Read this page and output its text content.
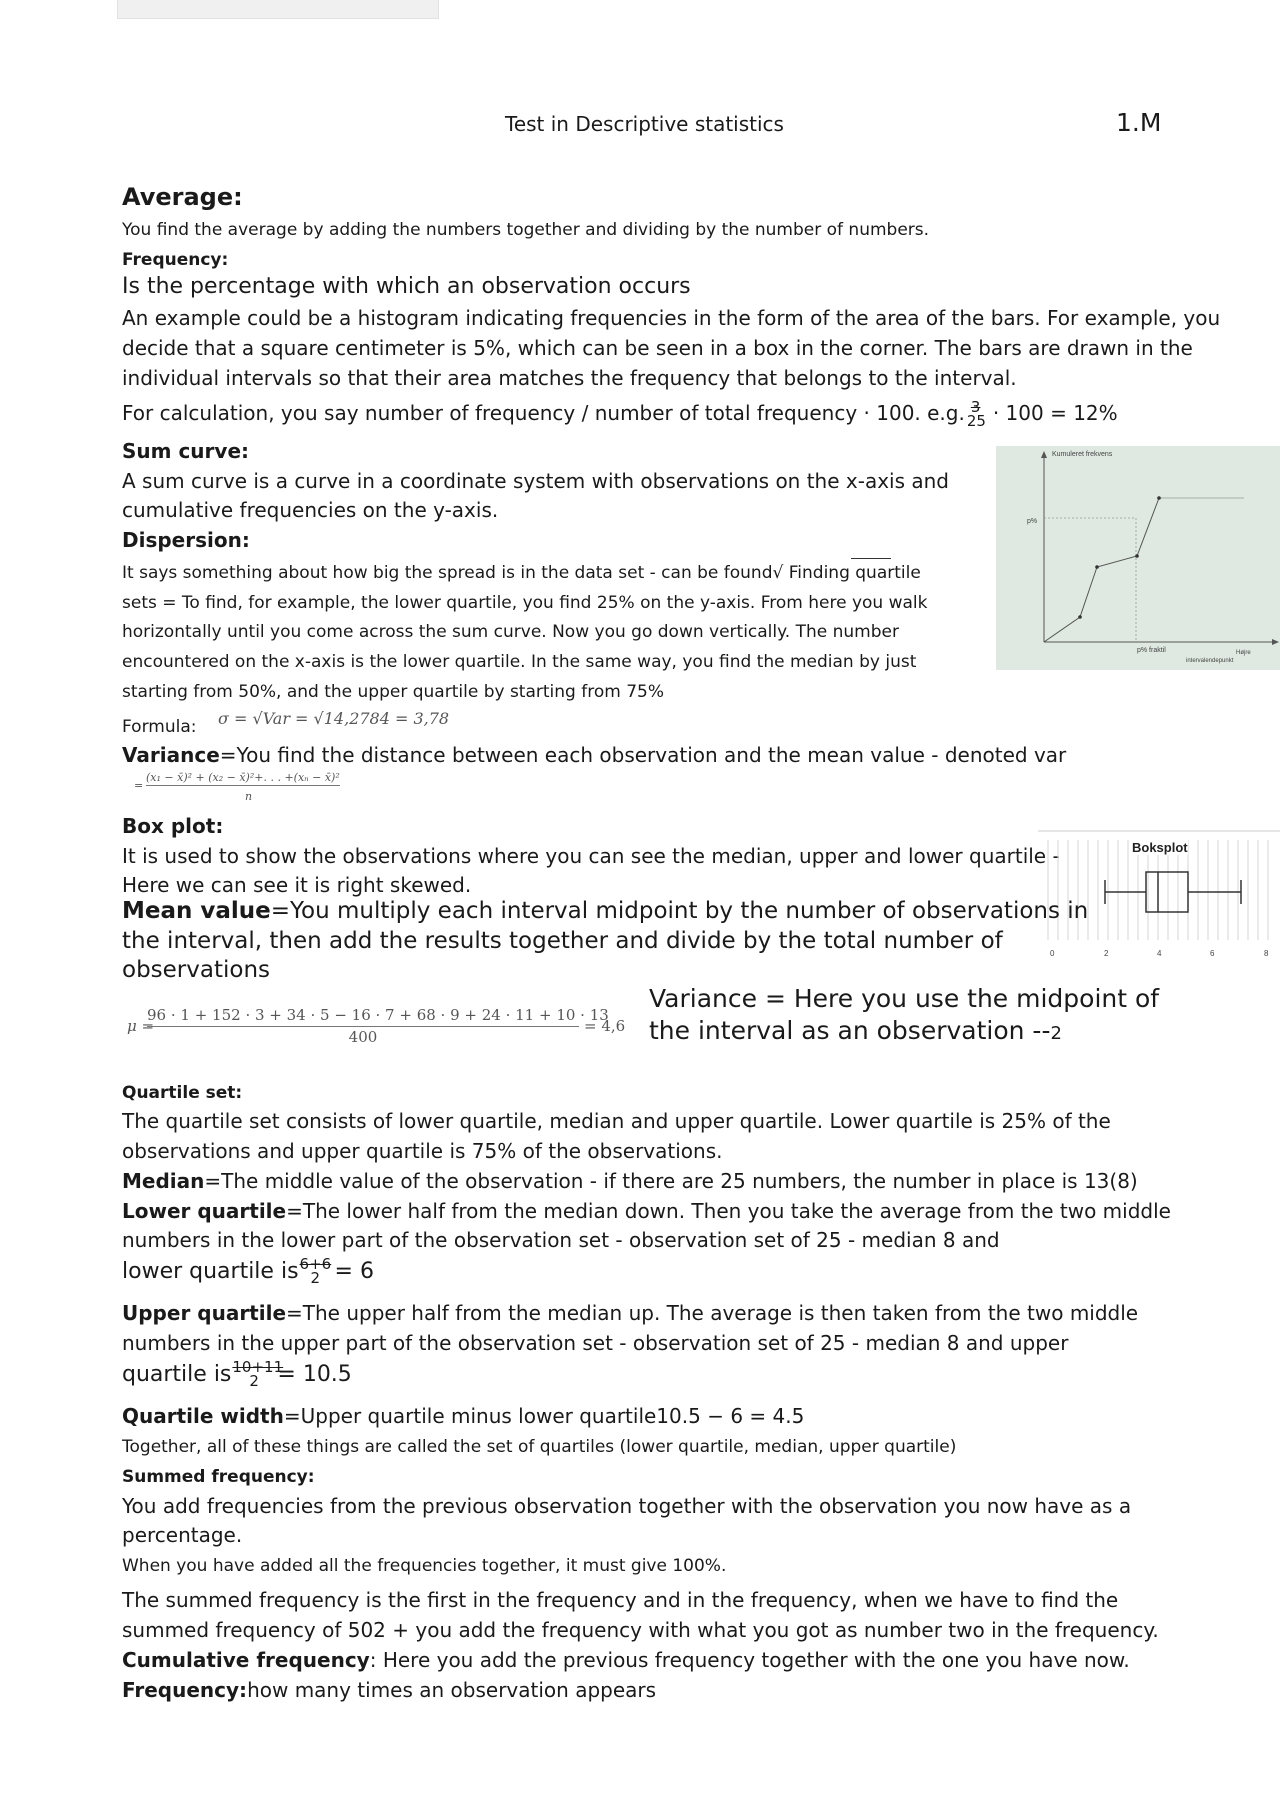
Test in Descriptive statistics	1.M
Average:
You find the average by adding the numbers together and dividing by the number of numbers.
Frequency:
Is the percentage with which an observation occurs
An example could be a histogram indicating frequencies in the form of the area of the bars. For example, you
decide that a square centimeter is 5%, which can be seen in a box in the corner. The bars are drawn in the
individual intervals so that their area matches the frequency that belongs to the interval.
For calculation, you say number of frequency / number of total frequency · 100. e.g. 3
25 · 100 = 12%
Sum curve:
A sum curve is a curve in a coordinate system with observations on the x-axis and
cumulative frequencies on the y-axis.
Kumuleret frekvens
p%
p% fraktil	Højre
intervalendepunkt
Dispersion:
It says something about how big the spread is in the data set - can be found√ Finding quartile
sets = To find, for example, the lower quartile, you find 25% on the y-axis. From here you walk
horizontally until you come across the sum curve. Now you go down vertically. The number
encountered on the x-axis is the lower quartile. In the same way, you find the median by just
starting from 50%, and the upper quartile by starting from 75%
Formula: σ = √Var = √14,2784 = 3,78
Variance=You find the distance between each observation and the mean value - denoted var
=
(x₁ − x̄)² + (x₂ − x̄)²+. . . +(xₙ − x̄)²
n
Box plot:
It is used to show the observations where you can see the median, upper and lower quartile -
Here we can see it is right skewed.
Boksplot
0	2	4	6	8
Mean value=You multiply each interval midpoint by the number of observations in
the interval, then add the results together and divide by the total number of
observations
μ =
96 · 1 + 152 · 3 + 34 · 5 − 16 · 7 + 68 · 9 + 24 · 11 + 10 · 13
400
= 4,6
Variance = Here you use the midpoint of
the interval as an observation --2
Quartile set:
The quartile set consists of lower quartile, median and upper quartile. Lower quartile is 25% of the
observations and upper quartile is 75% of the observations.
Median=The middle value of the observation - if there are 25 numbers, the number in place is 13(8)
Lower quartile=The lower half from the median down. Then you take the average from the two middle
numbers in the lower part of the observation set - observation set of 25 - median 8 and
lower quartile is 6+6
2 = 6
Upper quartile=The upper half from the median up. The average is then taken from the two middle
numbers in the upper part of the observation set - observation set of 25 - median 8 and upper
quartile is 10+11
2 = 10.5
Quartile width=Upper quartile minus lower quartile10.5 − 6 = 4.5
Together, all of these things are called the set of quartiles (lower quartile, median, upper quartile)
Summed frequency:
You add frequencies from the previous observation together with the observation you now have as a
percentage.
When you have added all the frequencies together, it must give 100%.
The summed frequency is the first in the frequency and in the frequency, when we have to find the
summed frequency of 502 + you add the frequency with what you got as number two in the frequency.
Cumulative frequency: Here you add the previous frequency together with the one you have now.
Frequency:how many times an observation appears
